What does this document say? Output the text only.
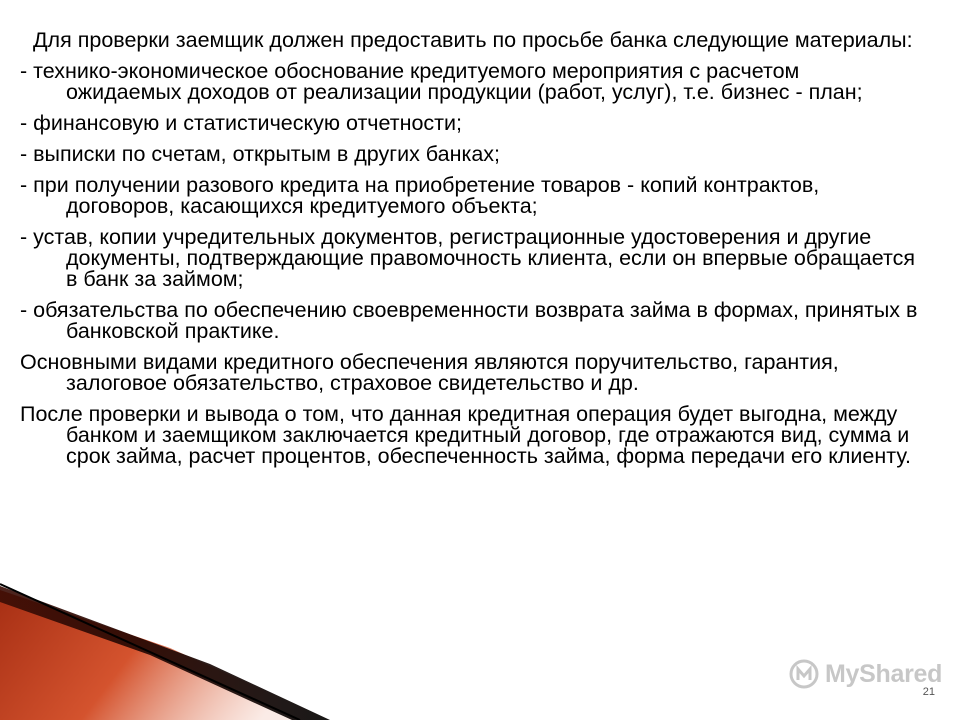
Для проверки заемщик должен предоставить по просьбе банка следующие материалы:

- технико-экономическое обоснование кредитуемого мероприятия с расчетом ожидаемых доходов от реализации продукции (работ, услуг), т.е. бизнес - план;

- финансовую и статистическую отчетности;

- выписки по счетам, открытым в других банках;

- при получении разового кредита на приобретение товаров - копий контрактов, договоров, касающихся кредитуемого объекта;

- устав, копии учредительных документов, регистрационные удостоверения и другие документы, подтверждающие правомочность клиента, если он впервые обращается в банк за займом;

- обязательства по обеспечению своевременности возврата займа в формах, принятых в банковской практике.

Основными видами кредитного обеспечения являются поручительство, гарантия, залоговое обязательство, страховое свидетельство и др.

После проверки и вывода о том, что данная кредитная операция будет выгодна, между банком и заемщиком заключается кредитный договор, где отражаются вид, сумма и срок займа, расчет процентов, обеспеченность займа, форма передачи его клиенту.

MyShared
21
